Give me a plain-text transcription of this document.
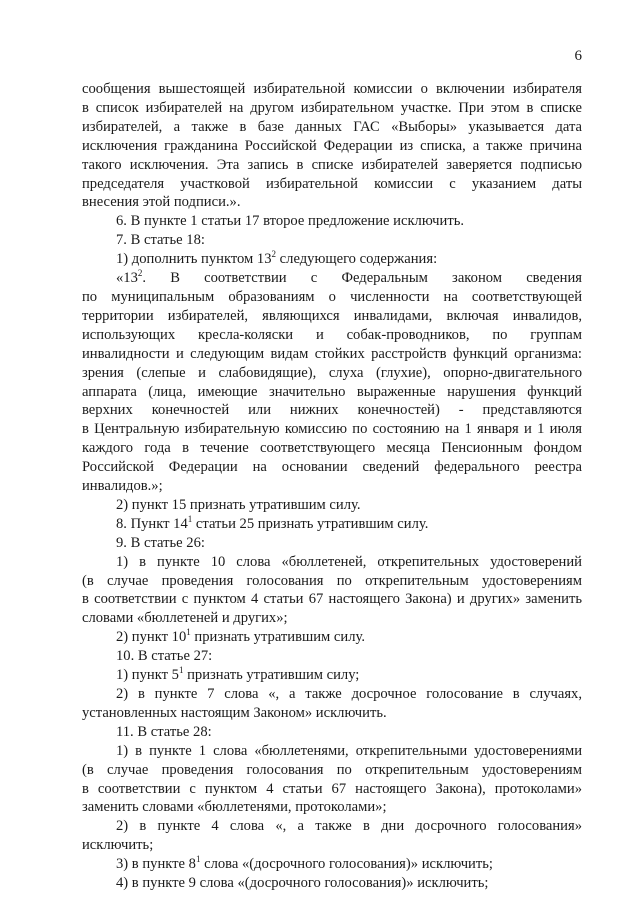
6
сообщения вышестоящей избирательной комиссии о включении избирателя
в список избирателей на другом избирательном участке. При этом в списке
избирателей, а также в базе данных ГАС «Выборы» указывается дата
исключения гражданина Российской Федерации из списка, а также причина
такого исключения. Эта запись в списке избирателей заверяется подписью
председателя участковой избирательной комиссии с указанием даты
внесения этой подписи.».
6. В пункте 1 статьи 17 второе предложение исключить.
7. В статье 18:
1) дополнить пунктом $13^2$ следующего содержания:
«$13^2$. В соответствии с Федеральным законом сведения
по муниципальным образованиям о численности на соответствующей
территории избирателей, являющихся инвалидами, включая инвалидов,
использующих кресла-коляски и собак-проводников, по группам
инвалидности и следующим видам стойких расстройств функций организма:
зрения (слепые и слабовидящие), слуха (глухие), опорно-двигательного
аппарата (лица, имеющие значительно выраженные нарушения функций
верхних конечностей или нижних конечностей) - представляются
в Центральную избирательную комиссию по состоянию на 1 января и 1 июля
каждого года в течение соответствующего месяца Пенсионным фондом
Российской Федерации на основании сведений федерального реестра
инвалидов.»;
2) пункт 15 признать утратившим силу.
8. Пункт $14^1$ статьи 25 признать утратившим силу.
9. В статье 26:
1) в пункте 10 слова «бюллетеней, открепительных удостоверений
(в случае проведения голосования по открепительным удостоверениям
в соответствии с пунктом 4 статьи 67 настоящего Закона) и других» заменить
словами «бюллетеней и других»;
2) пункт $10^1$ признать утратившим силу.
10. В статье 27:
1) пункт $5^1$ признать утратившим силу;
2) в пункте 7 слова «, а также досрочное голосование в случаях,
установленных настоящим Законом» исключить.
11. В статье 28:
1) в пункте 1 слова «бюллетенями, открепительными удостоверениями
(в случае проведения голосования по открепительным удостоверениям
в соответствии с пунктом 4 статьи 67 настоящего Закона), протоколами»
заменить словами «бюллетенями, протоколами»;
2) в пункте 4 слова «, а также в дни досрочного голосования»
исключить;
3) в пункте $8^1$ слова «(досрочного голосования)» исключить;
4) в пункте 9 слова «(досрочного голосования)» исключить;
